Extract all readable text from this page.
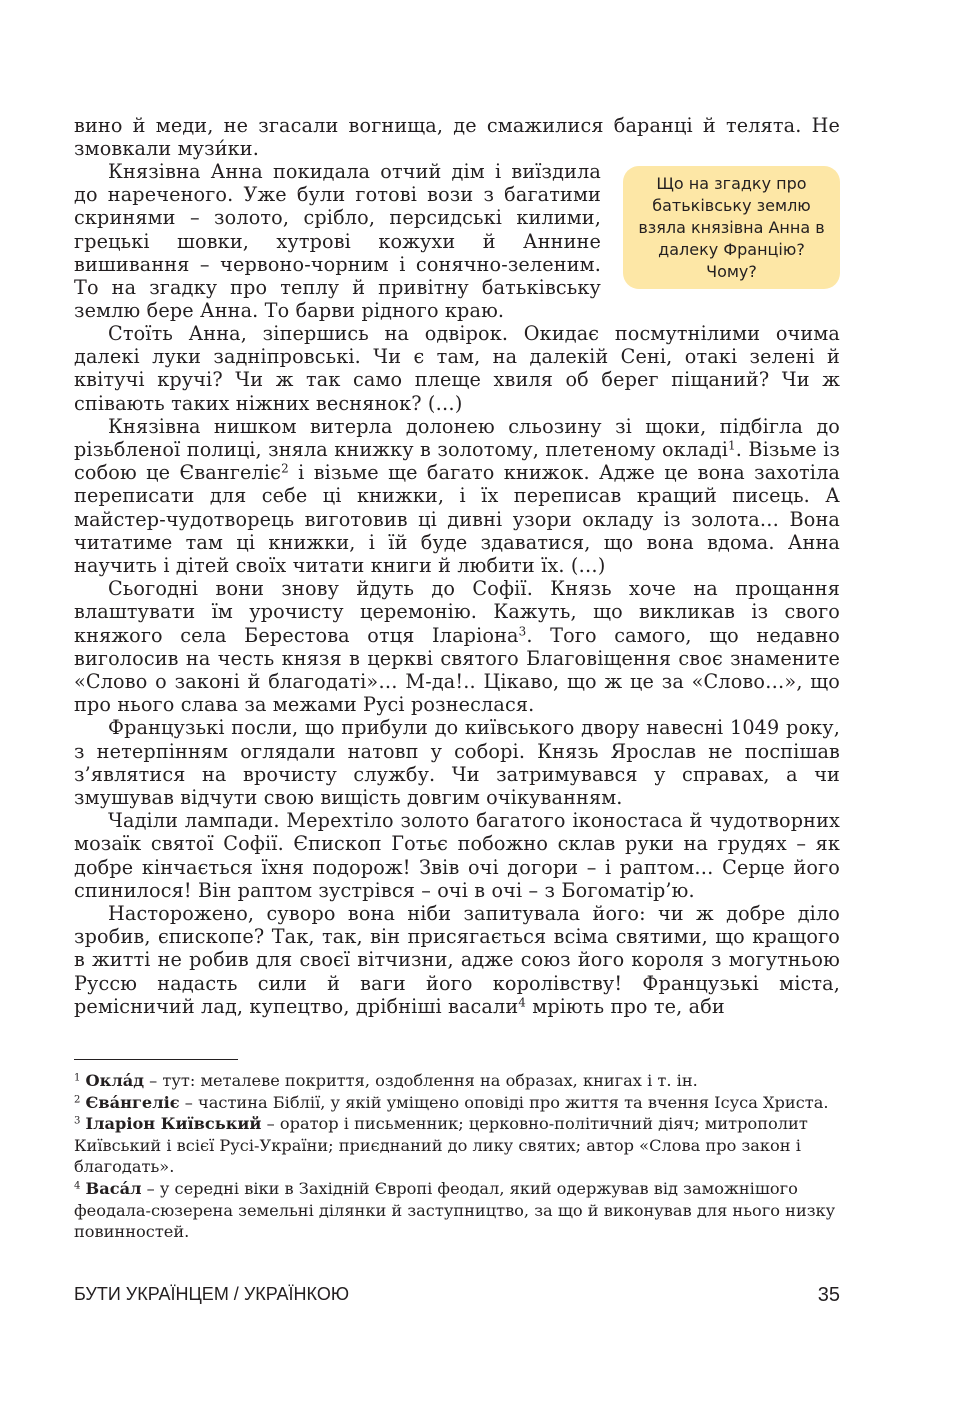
вино й меди, не згасали вогнища, де смажилися баранці й телята. Не змовкали музи́ки.

Князівна Анна покидала отчий дім і виїздила до нареченого. Уже були готові вози з багатими скринями – золото, срібло, персидські килими, грецькі шовки, хутрові кожухи й Аннине вишивання – червоно-чорним і сонячно-зеленим. То на згадку про теплу й привітну батьківську землю бере Анна. То барви рідного краю.

Що на згадку про батьківську землю взяла князівна Анна в далеку Францію? Чому?

Стоїть Анна, зіпершись на одвірок. Окидає посмутнілими очима далекі луки задніпровські. Чи є там, на далекій Сені, отакі зелені й квітучі кручі? Чи ж так само плеще хвиля об берег піщаний? Чи ж співають таких ніжних веснянок? (…)

Князівна нишком витерла долонею сльозину зі щоки, підбігла до різьбленої полиці, зняла книжку в золотому, плетеному окладі$^1$. Візьме із собою це Євангеліє$^2$ і візьме ще багато книжок. Адже це вона захотіла переписати для себе ці книжки, і їх переписав кращий писець. А майстер-чудотворець виготовив ці дивні узори окладу із золота… Вона читатиме там ці книжки, і їй буде здаватися, що вона вдома. Анна научить і дітей своїх читати книги й любити їх. (…)

Сьогодні вони знову йдуть до Софії. Князь хоче на прощання влаштувати їм урочисту церемонію. Кажуть, що викликав із свого княжого села Берестова отця Іларіона$^3$. Того самого, що недавно виголосив на честь князя в церкві святого Благовіщення своє знамените «Слово о законі й благодаті»… М-да!.. Цікаво, що ж це за «Слово…», що про нього слава за межами Русі рознеслася.

Французькі посли, що прибули до київського двору навесні 1049 року, з нетерпінням оглядали натовп у соборі. Князь Ярослав не поспішав з’являтися на врочисту службу. Чи затримувався у справах, а чи змушував відчути свою вищість довгим очікуванням.

Чаділи лампади. Мерехтіло золото багатого іконостаса й чудотворних мозаїк святої Софії. Єпископ Готьє побожно склав руки на грудях – як добре кінчається їхня подорож! Звів очі догори – і раптом… Серце його спинилося! Він раптом зустрівся – очі в очі – з Богоматір’ю.

Насторожено, суворо вона ніби запитувала його: чи ж добре діло зробив, єпископе? Так, так, він присягається всіма святими, що кращого в житті не робив для своєї вітчизни, адже союз його короля з могутньою Руссю надасть сили й ваги його королівству! Французькі міста, ремісничий лад, купецтво, дрібніші васали$^4$ мріють про те, аби

$^1$ Окла́д – тут: металеве покриття, оздоблення на образах, книгах і т. ін.

$^2$ Єва́нгеліє – частина Біблії, у якій уміщено оповіді про життя та вчення Ісуса Христа.

$^3$ Іларіон Київський – оратор і письменник; церковно-політичний діяч; митрополит Київський і всієї Русі-України; приєднаний до лику святих; автор «Слова про закон і благодать».

$^4$ Васа́л – у середні віки в Західній Європі феодал, який одержував від заможнішого феодала-сюзерена земельні ділянки й заступництво, за що й виконував для нього низку повинностей.

БУТИ УКРАЇНЦЕМ / УКРАЇНКОЮ	35
